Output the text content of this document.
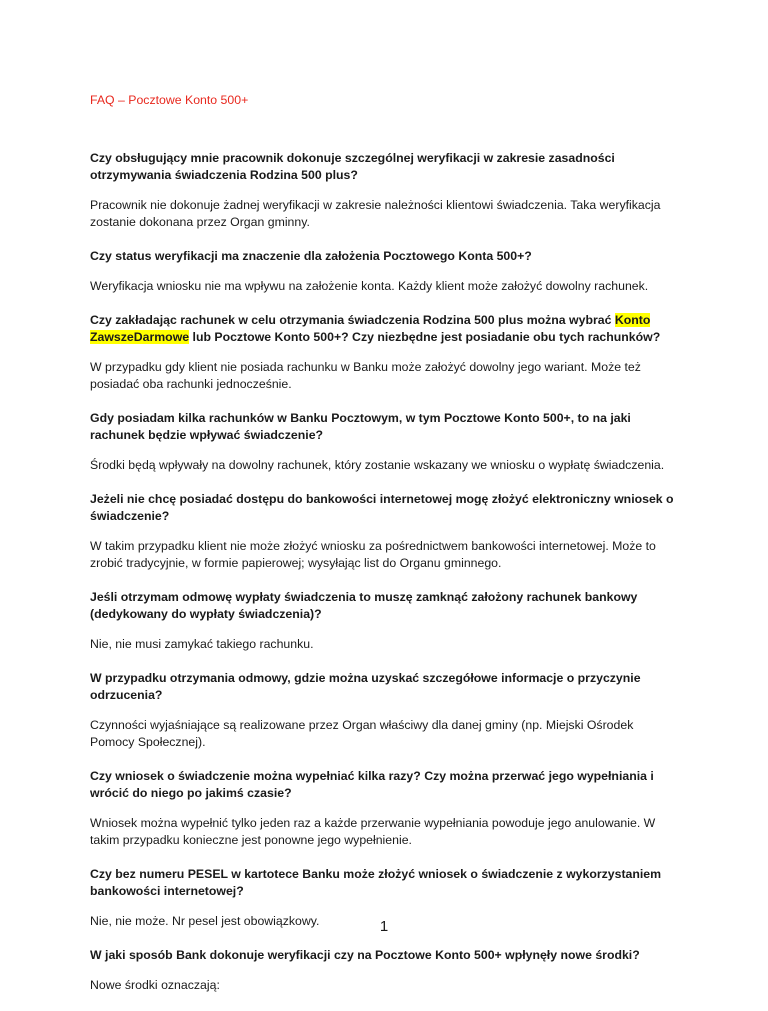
FAQ – Pocztowe Konto 500+

Czy obsługujący mnie pracownik dokonuje szczególnej weryfikacji w zakresie zasadności otrzymywania świadczenia Rodzina 500 plus?

Pracownik nie dokonuje żadnej weryfikacji w zakresie należności klientowi świadczenia. Taka weryfikacja zostanie dokonana przez Organ gminny.

Czy status weryfikacji ma znaczenie dla założenia Pocztowego Konta 500+?

Weryfikacja wniosku nie ma wpływu na założenie konta. Każdy klient może założyć dowolny rachunek.

Czy zakładając rachunek w celu otrzymania świadczenia Rodzina 500 plus można wybrać Konto ZawszeDarmowe lub Pocztowe Konto 500+? Czy niezbędne jest posiadanie obu tych rachunków?

W przypadku gdy klient nie posiada rachunku w Banku może założyć dowolny jego wariant. Może też posiadać oba rachunki jednocześnie.

Gdy posiadam kilka rachunków w Banku Pocztowym, w tym Pocztowe Konto 500+, to na jaki rachunek będzie wpływać świadczenie?

Środki będą wpływały na dowolny rachunek, który zostanie wskazany we wniosku o wypłatę świadczenia.

Jeżeli nie chcę posiadać dostępu do bankowości internetowej mogę złożyć elektroniczny wniosek o świadczenie?

W takim przypadku klient nie może złożyć wniosku za pośrednictwem bankowości internetowej. Może to zrobić tradycyjnie, w formie papierowej; wysyłając list do Organu gminnego.

Jeśli otrzymam odmowę wypłaty świadczenia to muszę zamknąć założony rachunek bankowy (dedykowany do wypłaty świadczenia)?

Nie, nie musi zamykać takiego rachunku.

W przypadku otrzymania odmowy, gdzie można uzyskać szczegółowe informacje o przyczynie odrzucenia?

Czynności wyjaśniające są realizowane przez Organ właściwy dla danej gminy (np. Miejski Ośrodek Pomocy Społecznej).

Czy wniosek o świadczenie można wypełniać kilka razy? Czy można przerwać jego wypełniania i wrócić do niego po jakimś czasie?

Wniosek można wypełnić tylko jeden raz a każde przerwanie wypełniania powoduje jego anulowanie. W takim przypadku konieczne jest ponowne jego wypełnienie.

Czy bez numeru PESEL w kartotece Banku może złożyć wniosek o świadczenie z wykorzystaniem bankowości internetowej?

Nie, nie może. Nr pesel jest obowiązkowy.

W jaki sposób Bank dokonuje weryfikacji czy na Pocztowe Konto 500+ wpłynęły nowe środki?

Nowe środki oznaczają:

1
